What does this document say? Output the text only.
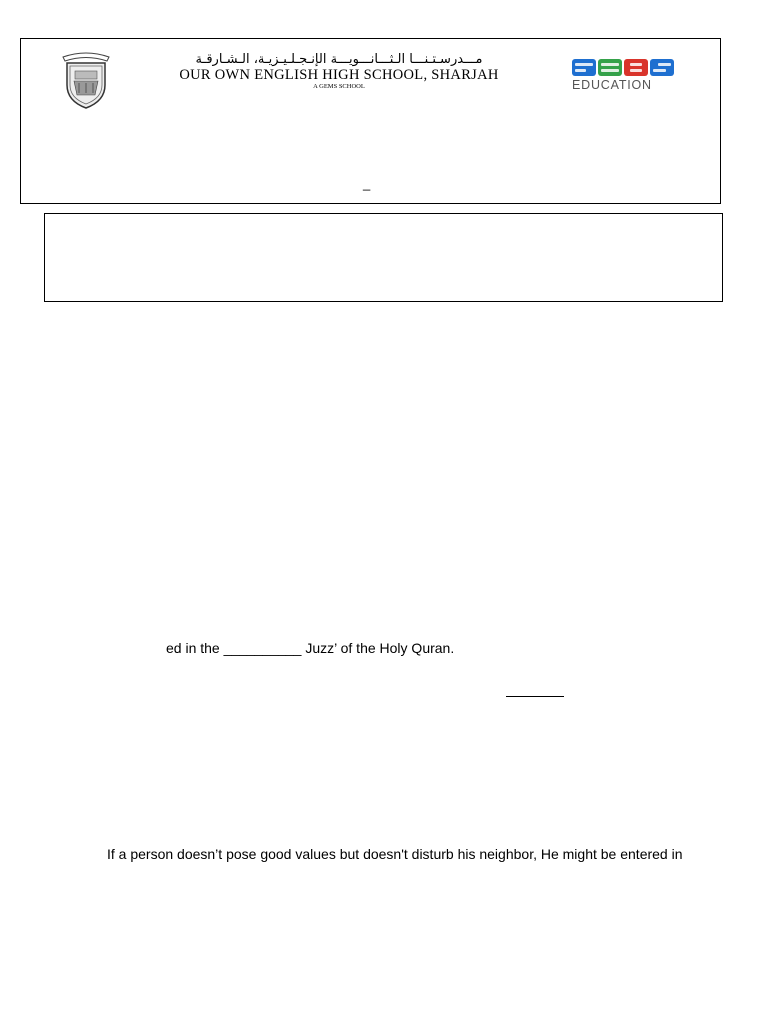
مـــدرسـتـنـــا الـثـــانـــويـــة الإنـجـلـيـزيـة، الـشـارقـة
OUR OWN ENGLISH HIGH SCHOOL, SHARJAH
A GEMS SCHOOL	EDUCATION
_
ed in the __________ Juzz’ of the Holy Quran.
If a person doesn’t pose good values but doesn't disturb his neighbor, He might be entered in
